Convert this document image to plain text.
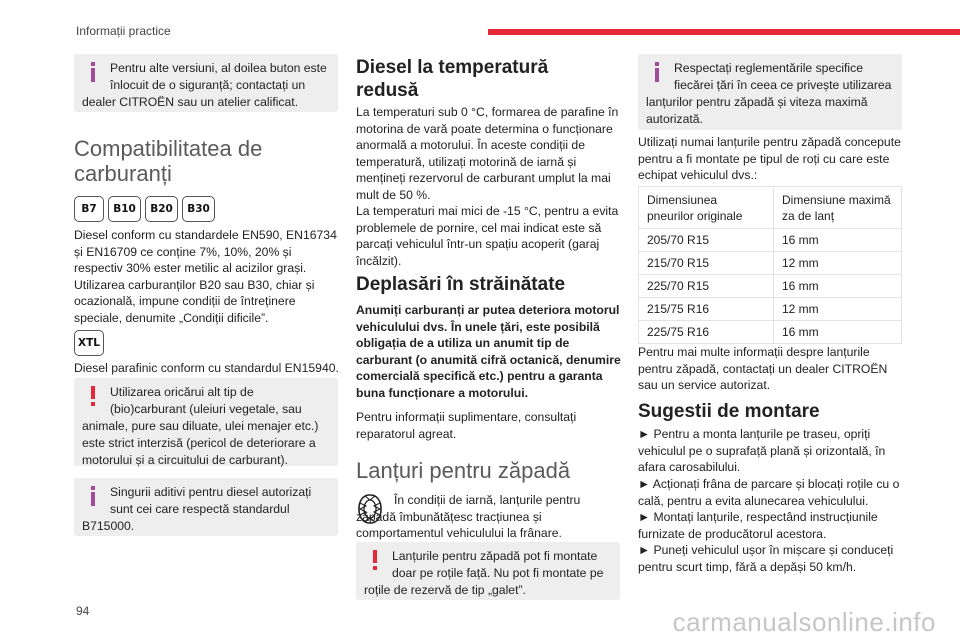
Informații practice
Pentru alte versiuni, al doilea buton este înlocuit de o siguranță; contactați un dealer CITROËN sau un atelier calificat.
Compatibilitatea de carburanți
B7	B10	B20	B30

Diesel conform cu standardele EN590, EN16734 și EN16709 ce conține 7%, 10%, 20% și respectiv 30% ester metilic al acizilor grași. Utilizarea carburanților B20 sau B30, chiar și ocazională, impune condiții de întreținere speciale, denumite „Condiții dificile”.

XTL

Diesel parafinic conform cu standardul EN15940.

Utilizarea oricărui alt tip de (bio)carburant (uleiuri vegetale, sau animale, pure sau diluate, ulei menajer etc.) este strict interzisă (pericol de deteriorare a motorului și a circuitului de carburant).
Singurii aditivi pentru diesel autorizați sunt cei care respectă standardul B715000.
Diesel la temperatură redusă

La temperaturi sub 0 °C, formarea de parafine în motorina de vară poate determina o funcționare anormală a motorului. În aceste condiții de temperatură, utilizați motorină de iarnă și mențineți rezervorul de carburant umplut la mai mult de 50 %.

La temperaturi mai mici de -15 °C, pentru a evita problemele de pornire, cel mai indicat este să parcați vehiculul într-un spațiu acoperit (garaj încălzit).

Deplasări în străinătate

Anumiți carburanți ar putea deteriora motorul vehiculului dvs. În unele țări, este posibilă obligația de a utiliza un anumit tip de carburant (o anumită cifră octanică, denumire comercială specifică etc.) pentru a garanta buna funcționare a motorului.

Pentru informații suplimentare, consultați reparatorul agreat.

Lanțuri pentru zăpadă

În condiții de iarnă, lanțurile pentru zăpadă îmbunătățesc tracțiunea și comportamentul vehiculului la frânare.

Lanțurile pentru zăpadă pot fi montate doar pe roțile față. Nu pot fi montate pe roțile de rezervă de tip „galet”.
Respectați reglementările specifice fiecărei țări în ceea ce privește utilizarea lanțurilor pentru zăpadă și viteza maximă autorizată.

Utilizați numai lanțurile pentru zăpadă concepute pentru a fi montate pe tipul de roți cu care este echipat vehiculul dvs.:

Dimensiunea pneurilor originale	Dimensiune maximă za de lanț
205/70 R15	16 mm
215/70 R15	12 mm
225/70 R15	16 mm
215/75 R16	12 mm
225/75 R16	16 mm

Pentru mai multe informații despre lanțurile pentru zăpadă, contactați un dealer CITROËN sau un service autorizat.

Sugestii de montare

► Pentru a monta lanțurile pe traseu, opriți vehiculul pe o suprafață plană și orizontală, în afara carosabilului.

► Acționați frâna de parcare și blocați roțile cu o cală, pentru a evita alunecarea vehiculului.

► Montați lanțurile, respectând instrucțiunile furnizate de producătorul acestora.

► Puneți vehiculul ușor în mișcare și conduceți pentru scurt timp, fără a depăși 50 km/h.

94	carmanualsonline.info
